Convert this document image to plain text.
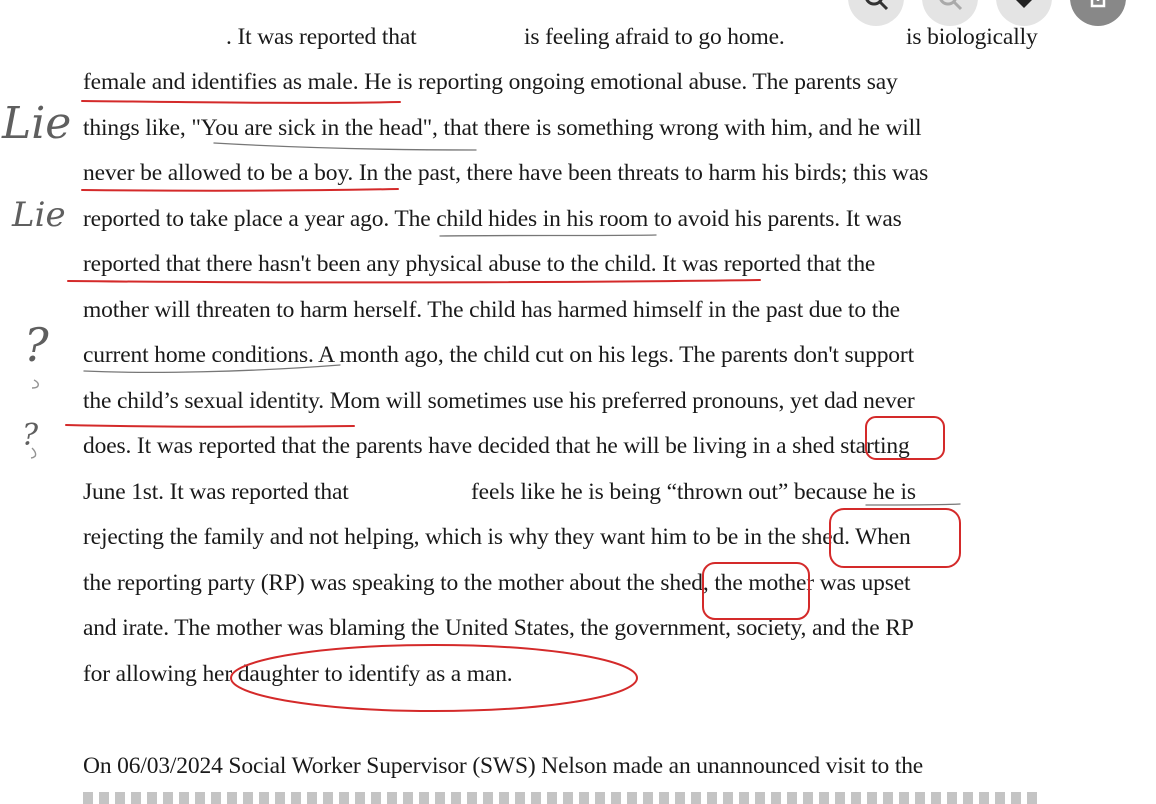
. It was reported that	is feeling afraid to go home.	is biologically
female and identifies as male. He is reporting ongoing emotional abuse. The parents say
things like, "You are sick in the head", that there is something wrong with him, and he will
never be allowed to be a boy. In the past, there have been threats to harm his birds; this was
reported to take place a year ago. The child hides in his room to avoid his parents. It was
reported that there hasn't been any physical abuse to the child. It was reported that the
mother will threaten to harm herself. The child has harmed himself in the past due to the
current home conditions. A month ago, the child cut on his legs. The parents don't support
the child’s sexual identity. Mom will sometimes use his preferred pronouns, yet dad never
does. It was reported that the parents have decided that he will be living in a shed starting
June 1st. It was reported that	feels like he is being “thrown out” because he is
rejecting the family and not helping, which is why they want him to be in the shed. When
the reporting party (RP) was speaking to the mother about the shed, the mother was upset
and irate. The mother was blaming the United States, the government, society, and the RP
for allowing her daughter to identify as a man.
On 06/03/2024 Social Worker Supervisor (SWS) Nelson made an unannounced visit to the
Lie
Lie
?
?
